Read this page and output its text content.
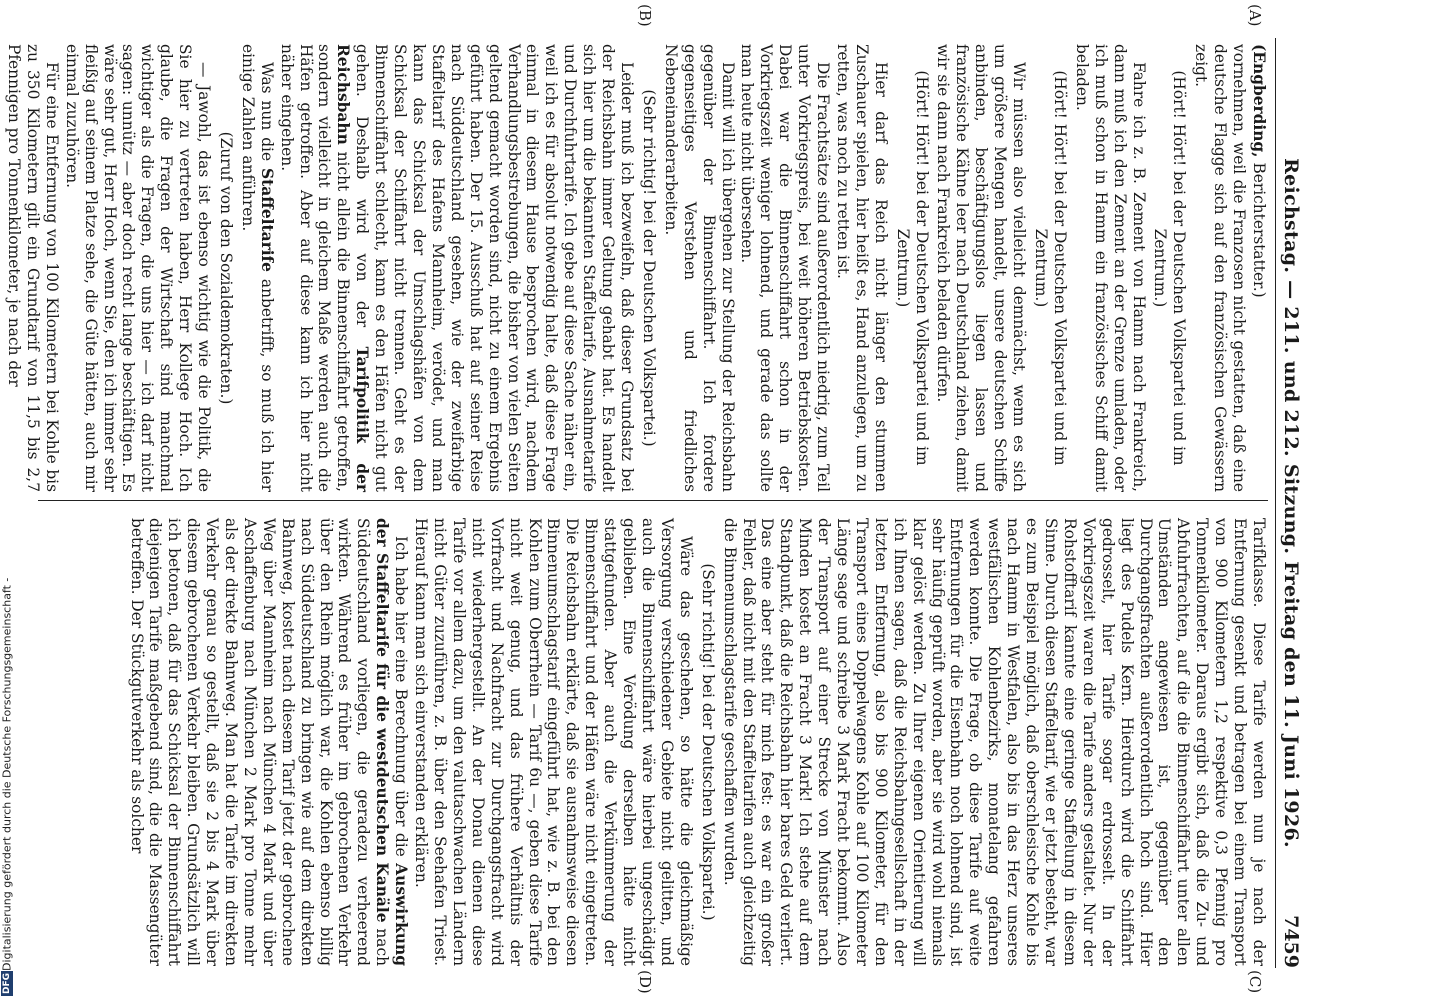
Reichstag. — 211. und 212. Sitzung. Freitag den 11. Juni 1926.
7459
(A)
(B)
(C)
(D)

(Engberding, Berichterstatter.)

vornehmen, weil die Franzosen nicht gestatten, daß eine deutsche Flagge sich auf den französischen Gewässern zeigt.

(Hört! Hört! bei der Deutschen Volkspartei und im Zentrum.)

Fahre ich z. B. Zement von Hamm nach Frankreich, dann muß ich den Zement an der Grenze umladen, oder ich muß schon in Hamm ein französisches Schiff damit beladen.

(Hört! Hört! bei der Deutschen Volkspartei und im Zentrum.)

Wir müssen also vielleicht demnächst, wenn es sich um größere Mengen handelt, unsere deutschen Schiffe anbinden, beschäftigungslos liegen lassen und französische Kähne leer nach Deutschland ziehen, damit wir sie dann nach Frankreich beladen dürfen.

(Hört! Hört! bei der Deutschen Volkspartei und im Zentrum.)

Hier darf das Reich nicht länger den stummen Zuschauer spielen, hier heißt es, Hand anzulegen, um zu retten, was noch zu retten ist.

Die Frachtsätze sind außerordentlich niedrig, zum Teil unter Vorkriegspreis, bei weit höheren Betriebskosten. Dabei war die Binnenschiffahrt schon in der Vorkriegszeit weniger lohnend, und gerade das sollte man heute nicht übersehen.

Damit will ich übergehen zur Stellung der Reichsbahn gegenüber der Binnenschiffahrt. Ich fordere gegenseitiges Verstehen und friedliches Nebeneinanderarbeiten.

(Sehr richtig! bei der Deutschen Volkspartei.)

Leider muß ich bezweifeln, daß dieser Grundsatz bei der Reichsbahn immer Geltung gehabt hat. Es handelt sich hier um die bekannten Staffeltarife, Ausnahmetarife und Durchfuhrtarife. Ich gebe auf diese Sache näher ein, weil ich es für absolut notwendig halte, daß diese Frage einmal in diesem Hause besprochen wird, nachdem Verhandlungsbestrebungen, die bisher von vielen Seiten geltend gemacht worden sind, nicht zu einem Ergebnis geführt haben. Der 15. Ausschuß hat auf seiner Reise nach Süddeutschland gesehen, wie der zweifarbige Staffeltarif des Hafens Mannheim, verödet, und man kann das Schicksal der Umschlagshäfen von dem Schicksal der Schiffahrt nicht trennen. Geht es der Binnenschiffahrt schlecht, kann es den Häfen nicht gut gehen. Deshalb wird von der Tarifpolitik der Reichsbahn nicht allein die Binnenschiffahrt getroffen, sondern vielleicht in gleichem Maße werden auch die Häfen getroffen. Aber auf diese kann ich hier nicht näher eingehen.

Was nun die Staffeltarife anbetrifft, so muß ich hier einige Zahlen anführen.

(Zuruf von den Sozialdemokraten.)

— Jawohl, das ist ebenso wichtig wie die Politik, die Sie hier zu vertreten haben, Herr Kollege Hoch. Ich glaube, die Fragen der Wirtschaft sind manchmal wichtiger als die Fragen, die uns hier — ich darf nicht sagen: unnütz — aber doch recht lange beschäftigen. Es wäre sehr gut, Herr Hoch, wenn Sie, den ich immer sehr fleißig auf seinem Platze sehe, die Güte hätten, auch mir einmal zuzuhören.

Für eine Entfernung von 100 Kilometern bei Kohle bis zu 350 Kilometern gilt ein Grundtarif von 11,5 bis 2,7 Pfennigen pro Tonnenkilometer, je nach der

Tarifklasse. Diese Tarife werden nun je nach der Entfernung gesenkt und betragen bei einem Transport von 900 Kilometern 1,2 respektive 0,3 Pfennig pro Tonnenkilometer. Daraus ergibt sich, daß die Zu- und Abfuhrfrachten, auf die die Binnenschiffahrt unter allen Umständen angewiesen ist, gegenüber den Durchgangsfrachten außerordentlich hoch sind. Hier liegt des Pudels Kern. Hierdurch wird die Schiffahrt gedrosselt, hier Tarife sogar erdrosselt. In der Vorkriegszeit waren die Tarife anders gestaltet. Nur der Rohstofftarif kannte eine geringe Staffelung in diesem Sinne. Durch diesen Staffeltarif, wie er jetzt besteht, war es zum Beispiel möglich, daß oberschlesische Kohle bis nach Hamm in Westfalen, also bis in das Herz unseres westfälischen Kohlenbezirks, monatelang gefahren werden konnte. Die Frage, ob diese Tarife auf weite Entfernungen für die Eisenbahn noch lohnend sind, ist sehr häufig geprüft worden, aber sie wird wohl niemals klar gelöst werden. Zu Ihrer eigenen Orientierung will ich Ihnen sagen, daß die Reichsbahngesellschaft in der letzten Entfernung, also bis 900 Kilometer, für den Transport eines Doppelwagens Kohle auf 100 Kilometer Länge sage und schreibe 3 Mark Fracht bekommt. Also der Transport auf einer Strecke von Münster nach Minden kostet an Fracht 3 Mark! Ich stehe auf dem Standpunkt, daß die Reichsbahn hier bares Geld verliert. Das eine aber steht für mich fest: es war ein großer Fehler, daß nicht mit den Staffeltarifen auch gleichzeitig die Binnenumschlagstarife geschaffen wurden.

(Sehr richtig! bei der Deutschen Volkspartei.)

Wäre das geschehen, so hätte die gleichmäßige Versorgung verschiedener Gebiete nicht gelitten, und auch die Binnenschiffahrt wäre hierbei ungeschädigt geblieben. Eine Verödung derselben hätte nicht stattgefunden. Aber auch die Verkümmerung der Binnenschiffahrt und der Häfen wäre nicht eingetreten. Die Reichsbahn erklärte, daß sie ausnahmsweise diesen Binnenumschlagstarif eingeführt hat, wie z. B. bei den Kohlen zum Oberrhein — Tarif 6u —, geben diese Tarife nicht weit genug, und das frühere Verhältnis der Vorfracht und Nachfracht zur Durchgangsfracht wird nicht wiederhergestellt. An der Donau dienen diese Tarife vor allem dazu, um den valutaschwachen Ländern nicht Güter zuzuführen, z. B. über den Seehafen Triest. Hierauf kann man sich einverstanden erklären.

Ich habe hier eine Berechnung über die Auswirkung der Staffeltarife für die westdeutschen Kanäle nach Süddeutschland vorliegen, die geradezu verheerend wirkten. Während es früher im gebrochenen Verkehr über den Rhein möglich war, die Kohlen ebenso billig nach Süddeutschland zu bringen wie auf dem direkten Bahnweg, kostet nach diesem Tarif jetzt der gebrochene Weg über Mannheim nach München 4 Mark und über Aschaffenburg nach München 2 Mark pro Tonne mehr als der direkte Bahnweg. Man hat die Tarife im direkten Verkehr genau so gestellt, daß sie 2 bis 4 Mark über diesem gebrochenen Verkehr bleiben. Grundsätzlich will ich betonen, daß für das Schicksal der Binnenschiffahrt diejenigen Tarife maßgebend sind, die die Massengüter betreffen. Der Stückgutverkehr als solcher

DFG
Digitalisierung gefördert durch die Deutsche Forschungsgemeinschaft -
